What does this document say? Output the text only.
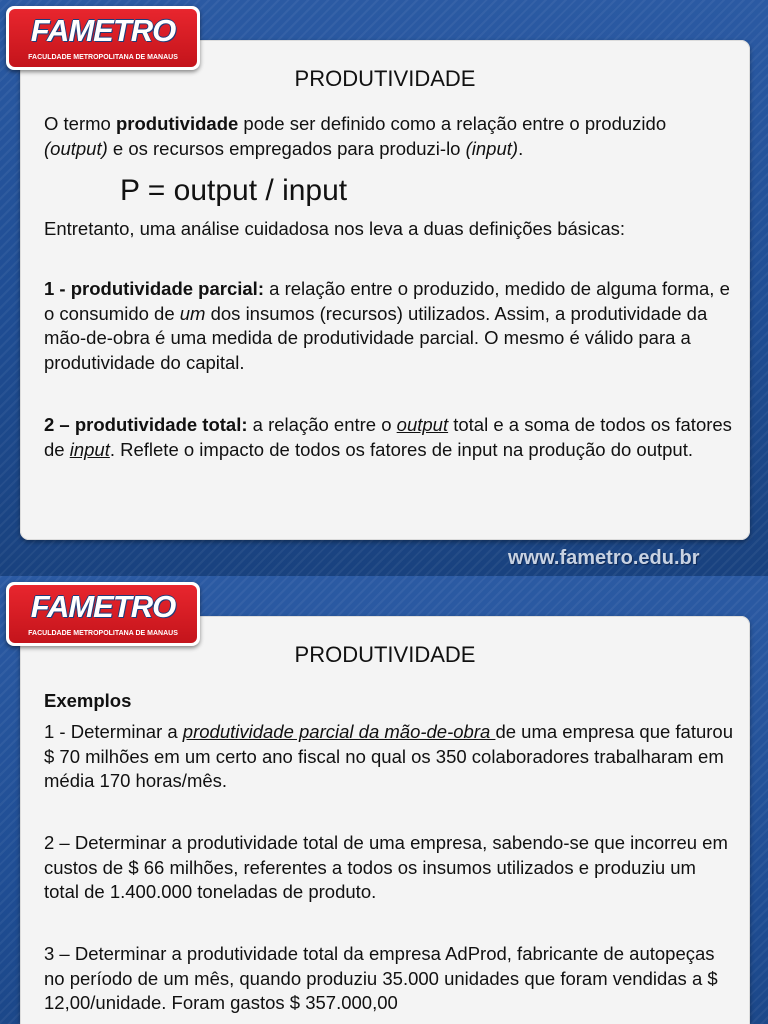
PRODUTIVIDADE

O termo produtividade pode ser definido como a relação entre o produzido (output) e os recursos empregados para produzi-lo (input).

P = output / input

Entretanto, uma análise cuidadosa nos leva a duas definições básicas:

1 - produtividade parcial: a relação entre o produzido, medido de alguma forma, e o consumido de um dos insumos (recursos) utilizados. Assim, a produtividade da mão-de-obra é uma medida de produtividade parcial. O mesmo é válido para a produtividade do capital.

2 – produtividade total: a relação entre o output total e a soma de todos os fatores de input. Reflete o impacto de todos os fatores de input na produção do output.

FAMETRO
FACULDADE METROPOLITANA DE MANAUS
www.fametro.edu.br
PRODUTIVIDADE

Exemplos

1 - Determinar a produtividade parcial da mão-de-obra de uma empresa que faturou $ 70 milhões em um certo ano fiscal no qual os 350 colaboradores trabalharam em média 170 horas/mês.

2 – Determinar a produtividade total de uma empresa, sabendo-se que incorreu em custos de $ 66 milhões, referentes a todos os insumos utilizados e produziu um total de 1.400.000 toneladas de produto.

3 – Determinar a produtividade total da empresa AdProd, fabricante de autopeças no período de um mês, quando produziu 35.000 unidades que foram vendidas a $ 12,00/unidade. Foram gastos $ 357.000,00

FAMETRO
FACULDADE METROPOLITANA DE MANAUS
